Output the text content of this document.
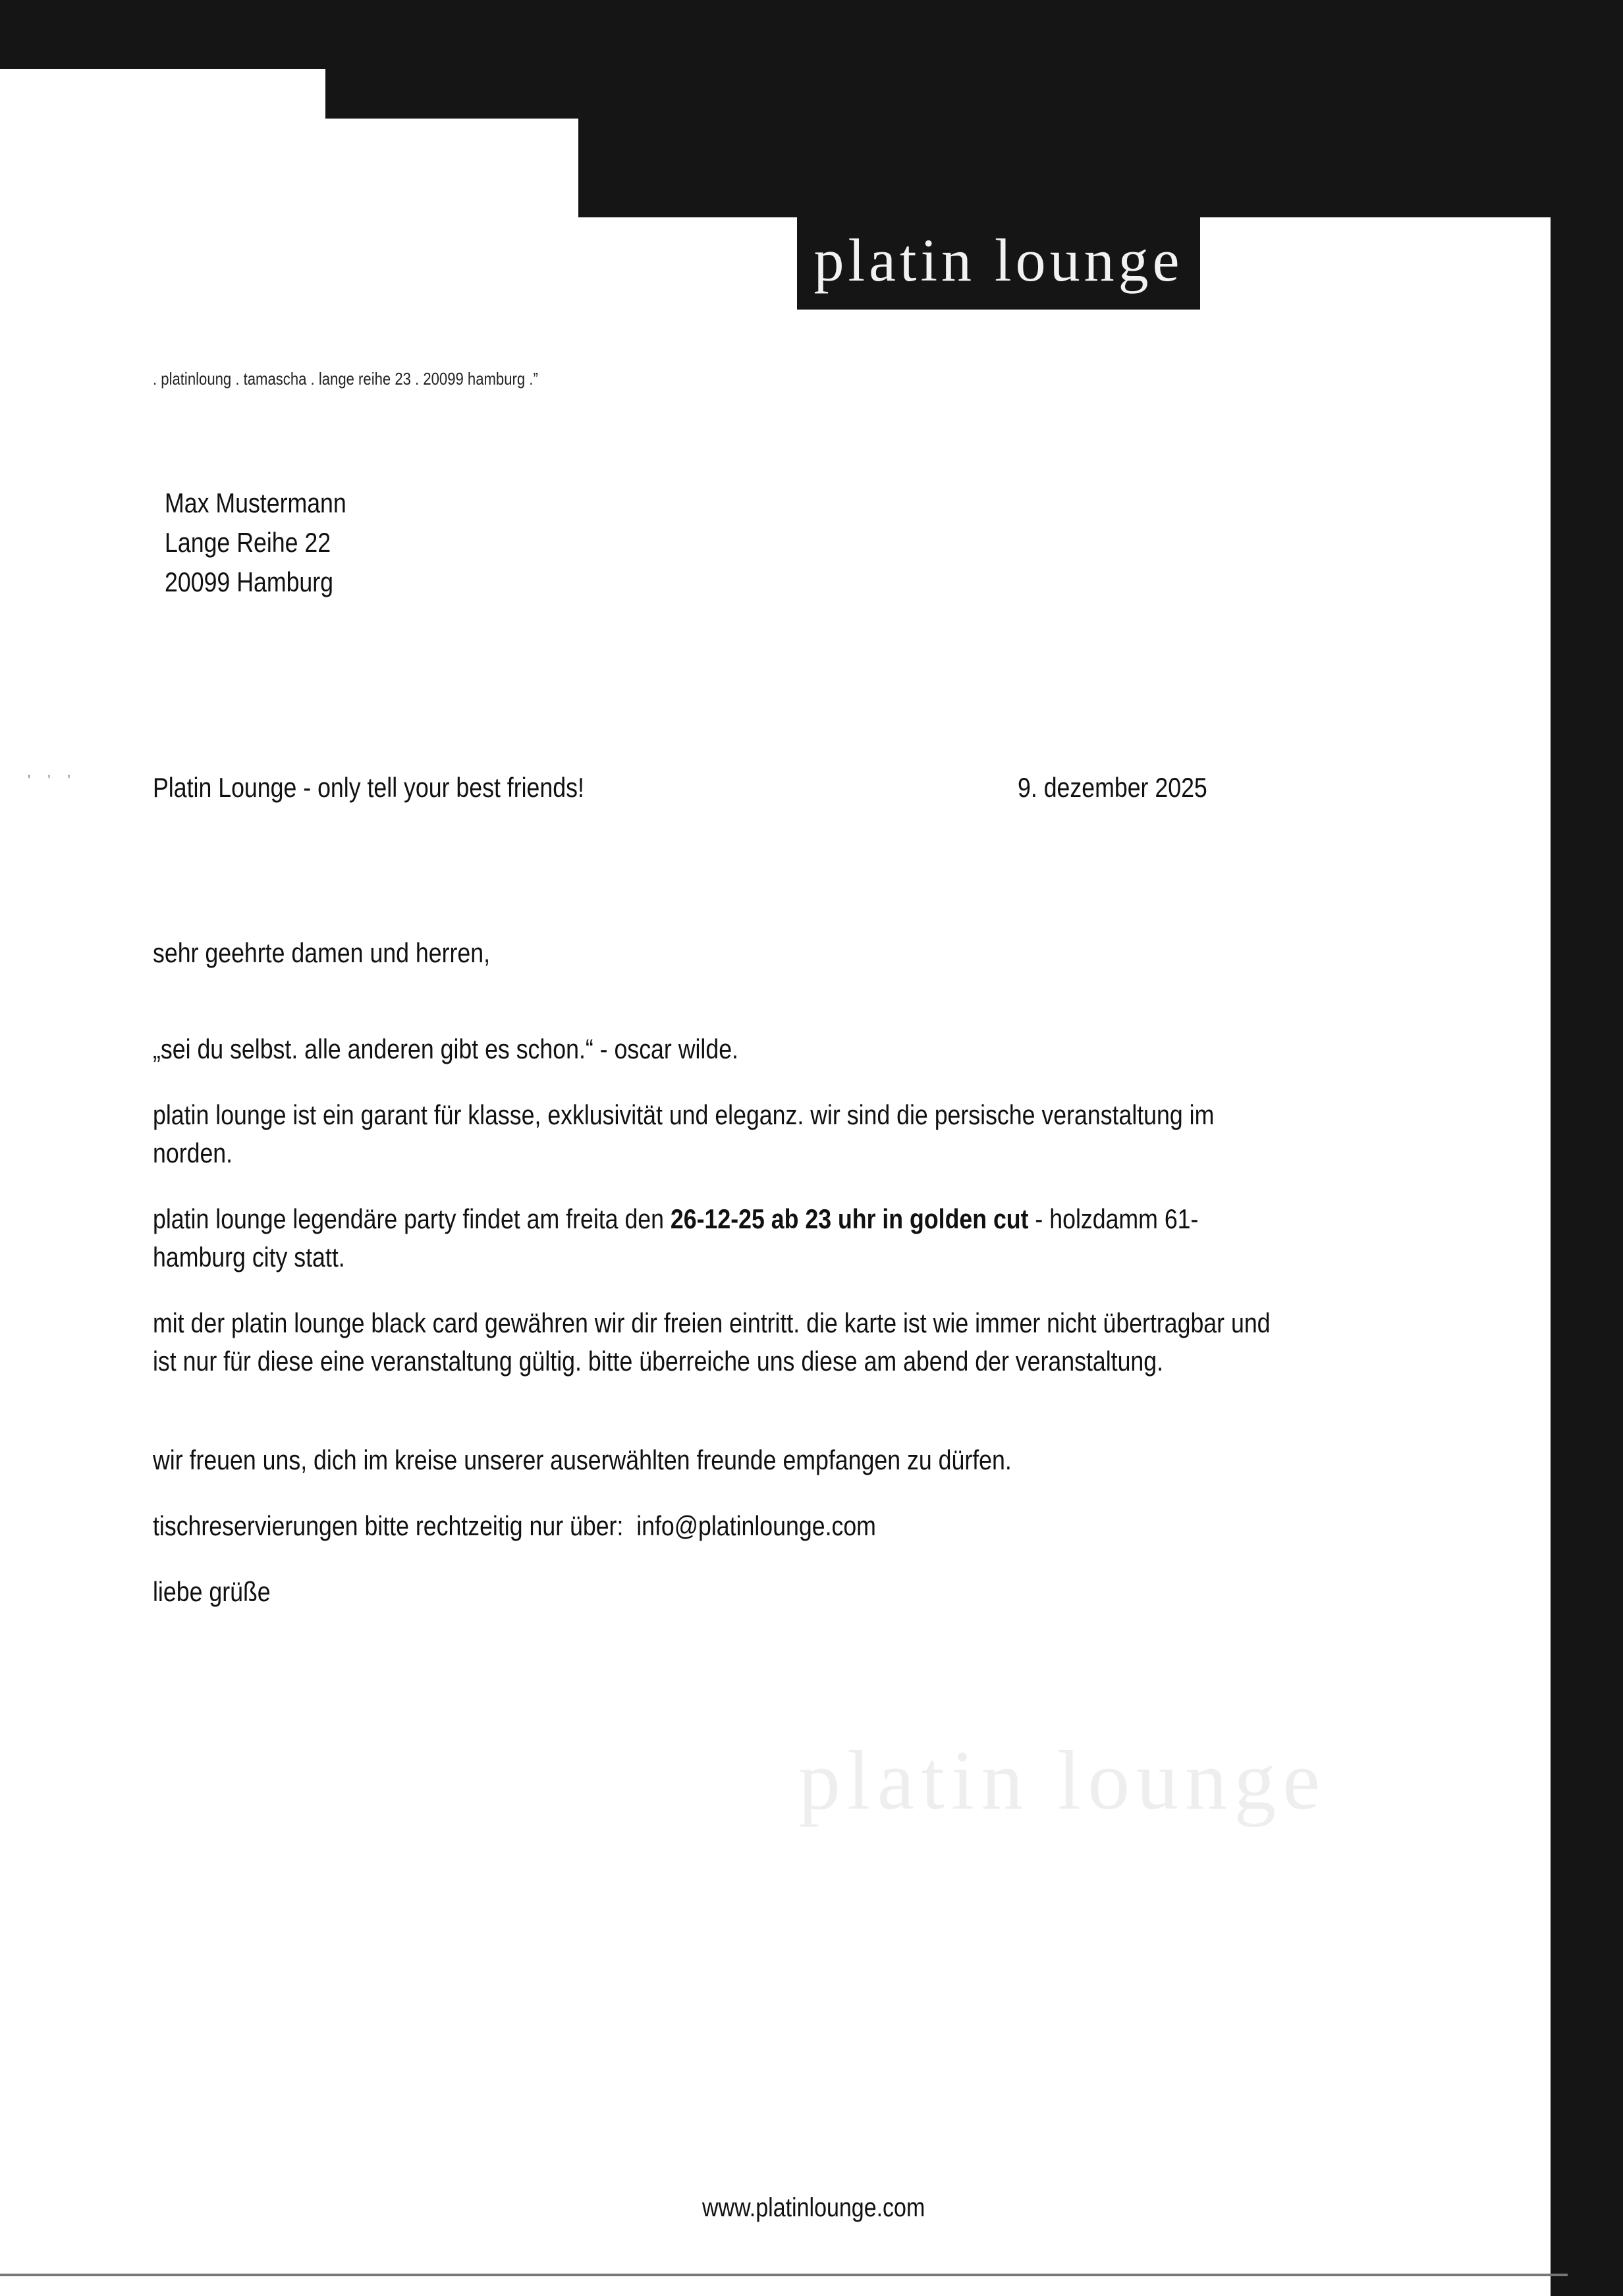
platin lounge
. platinloung . tamascha . lange reihe 23 . 20099 hamburg .”
Max Mustermann
Lange Reihe 22
20099 Hamburg
' ' '	Platin Lounge - only tell your best friends!	9. dezember 2025

sehr geehrte damen und herren,

„sei du selbst. alle anderen gibt es schon.“ - oscar wilde.

platin lounge ist ein garant für klasse, exklusivität und eleganz. wir sind die persische veranstaltung im norden.

platin lounge legendäre party findet am freita den 26-12-25 ab 23 uhr in golden cut - holzdamm 61- hamburg city statt.

mit der platin lounge black card gewähren wir dir freien eintritt. die karte ist wie immer nicht übertragbar und ist nur für diese eine veranstaltung gültig. bitte überreiche uns diese am abend der veranstaltung.

wir freuen uns, dich im kreise unserer auserwählten freunde empfangen zu dürfen.

tischreservierungen bitte rechtzeitig nur über: info@platinlounge.com

liebe grüße

platin lounge
www.platinlounge.com
